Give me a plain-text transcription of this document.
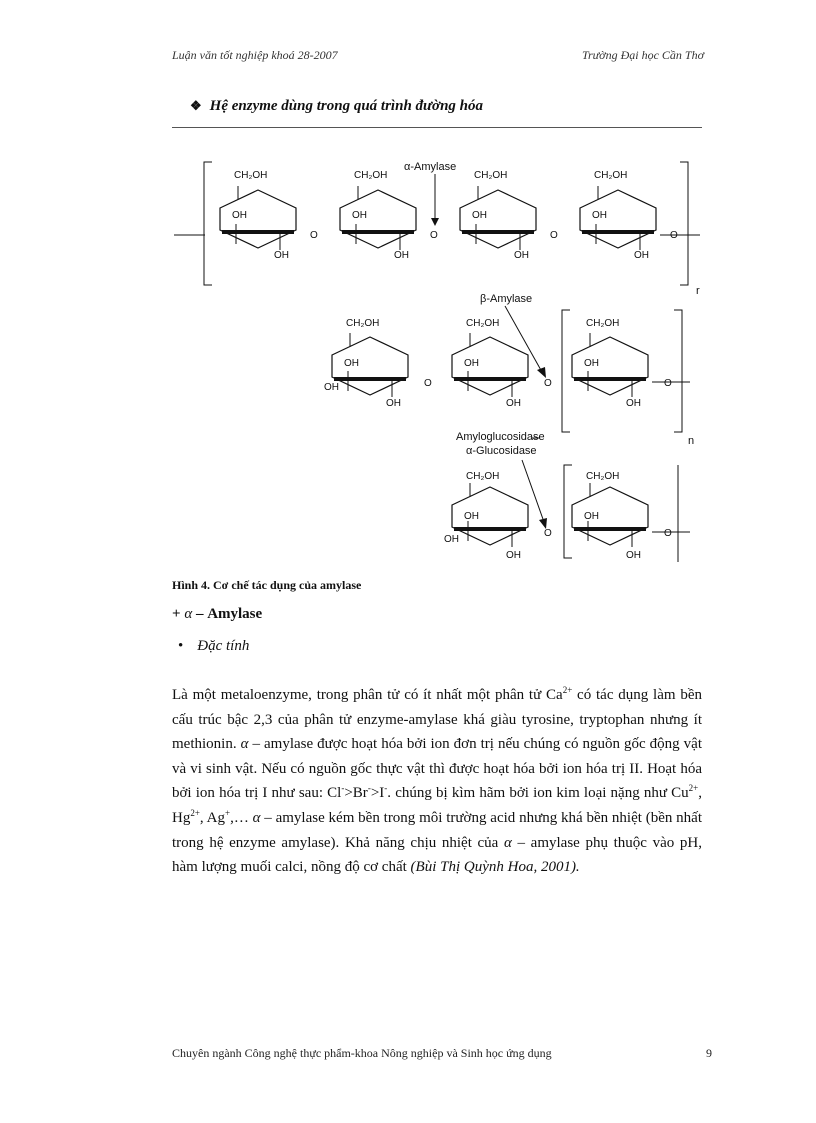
Luận văn tốt nghiệp khoá 28-2007	Trường Đại học Cần Thơ
❖ Hệ enzyme dùng trong quá trình đường hóa
CH₂OH	CH₂OH	CH₂OH	CH₂OH
OH	OH	OH	OH
OH	OH	OH	OH
O	O	O	O
α-Amylase
r
CH₂OH	CH₂OH	CH₂OH
OH	OH	OH
OH
OH	OH	OH
O	O	O
β-Amylase
n
Amyloglucosidase
α-Glucosidase
CH₂OH	CH₂OH
OH	OH
OH
OH	OH
O	O
Hình 4. Cơ chế tác dụng của amylase
+ α – Amylase
• Đặc tính

Là một metaloenzyme, trong phân tử có ít nhất một phân tử $Ca^{2+}$ có tác dụng làm bền cấu trúc bậc 2,3 của phân tử enzyme-amylase khá giàu tyrosine, tryptophan nhưng ít methionin. α – amylase được hoạt hóa bởi ion đơn trị nếu chúng có nguồn gốc động vật và vi sinh vật. Nếu có nguồn gốc thực vật thì được hoạt hóa bởi ion hóa trị II. Hoạt hóa bởi ion hóa trị I như sau: Cl->Br->I-. chúng bị kìm hãm bởi ion kim loại nặng như $Cu^{2+}$, $Hg^{2+}$, Ag+,… α – amylase kém bền trong môi trường acid nhưng khá bền nhiệt (bền nhất trong hệ enzyme amylase). Khả năng chịu nhiệt của α – amylase phụ thuộc vào pH, hàm lượng muối calci, nồng độ cơ chất (Bùi Thị Quỳnh Hoa, 2001).

Chuyên ngành Công nghệ thực phẩm-khoa Nông nghiệp và Sinh học ứng dụng	9
